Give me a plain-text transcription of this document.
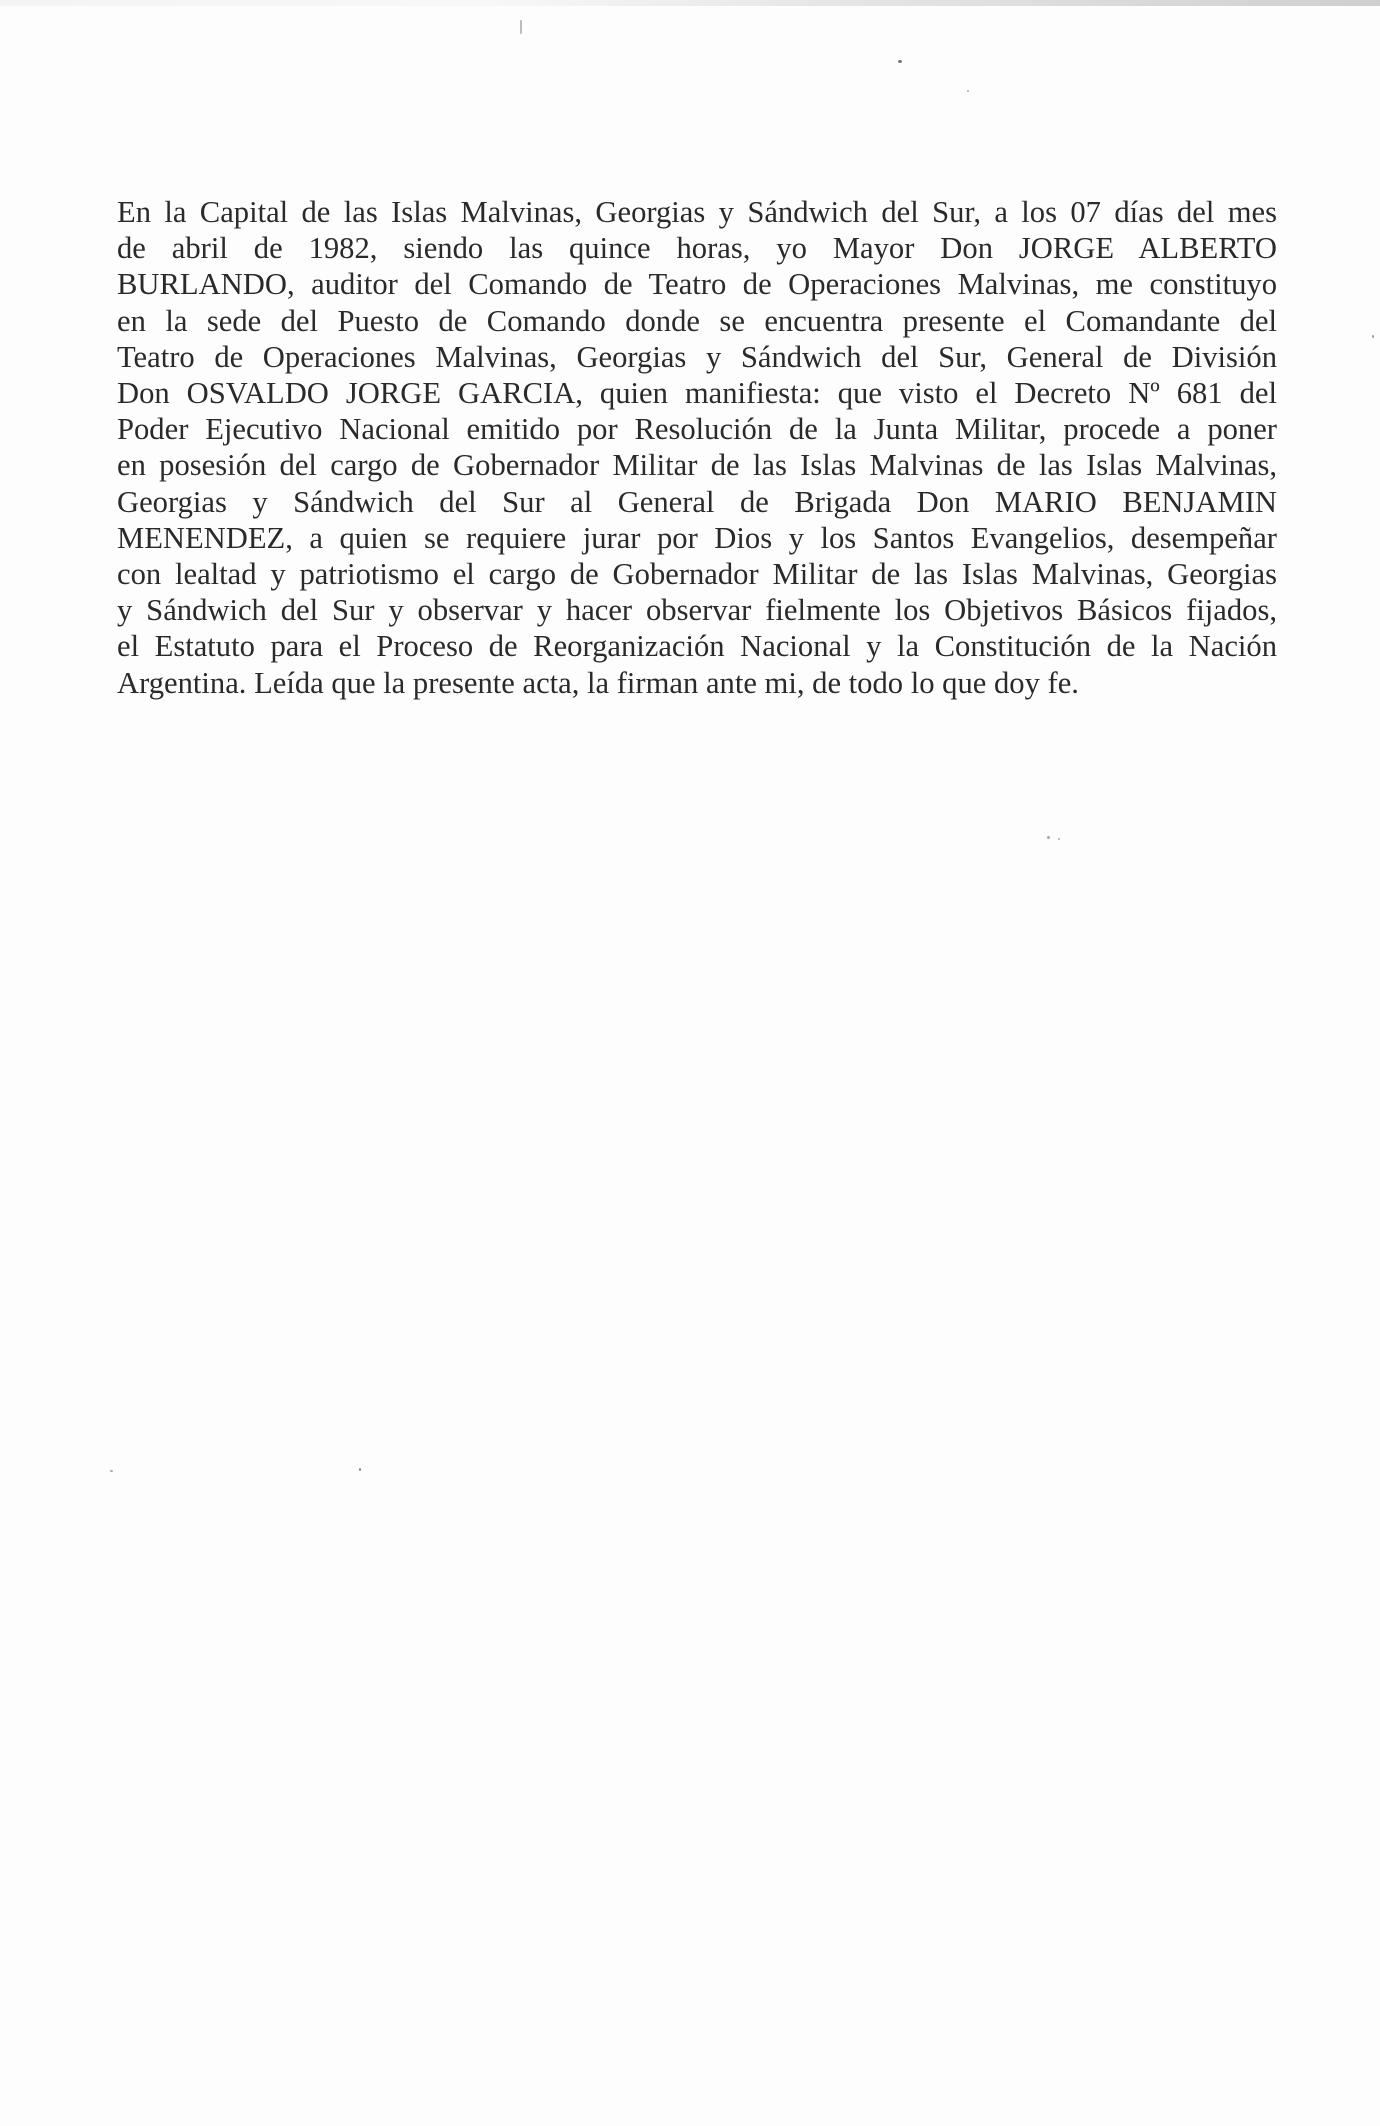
En la Capital de las Islas Malvinas, Georgias y Sándwich del Sur, a los 07 días del mes
de abril de 1982, siendo las quince horas, yo Mayor Don JORGE ALBERTO
BURLANDO, auditor del Comando de Teatro de Operaciones Malvinas, me constituyo
en la sede del Puesto de Comando donde se encuentra presente el Comandante del
Teatro de Operaciones Malvinas, Georgias y Sándwich del Sur, General de División
Don OSVALDO JORGE GARCIA, quien manifiesta: que visto el Decreto Nº 681 del
Poder Ejecutivo Nacional emitido por Resolución de la Junta Militar, procede a poner
en posesión del cargo de Gobernador Militar de las Islas Malvinas de las Islas Malvinas,
Georgias y Sándwich del Sur al General de Brigada Don MARIO BENJAMIN
MENENDEZ, a quien se requiere jurar por Dios y los Santos Evangelios, desempeñar
con lealtad y patriotismo el cargo de Gobernador Militar de las Islas Malvinas, Georgias
y Sándwich del Sur y observar y hacer observar fielmente los Objetivos Básicos fijados,
el Estatuto para el Proceso de Reorganización Nacional y la Constitución de la Nación
Argentina. Leída que la presente acta, la firman ante mi, de todo lo que doy fe.
